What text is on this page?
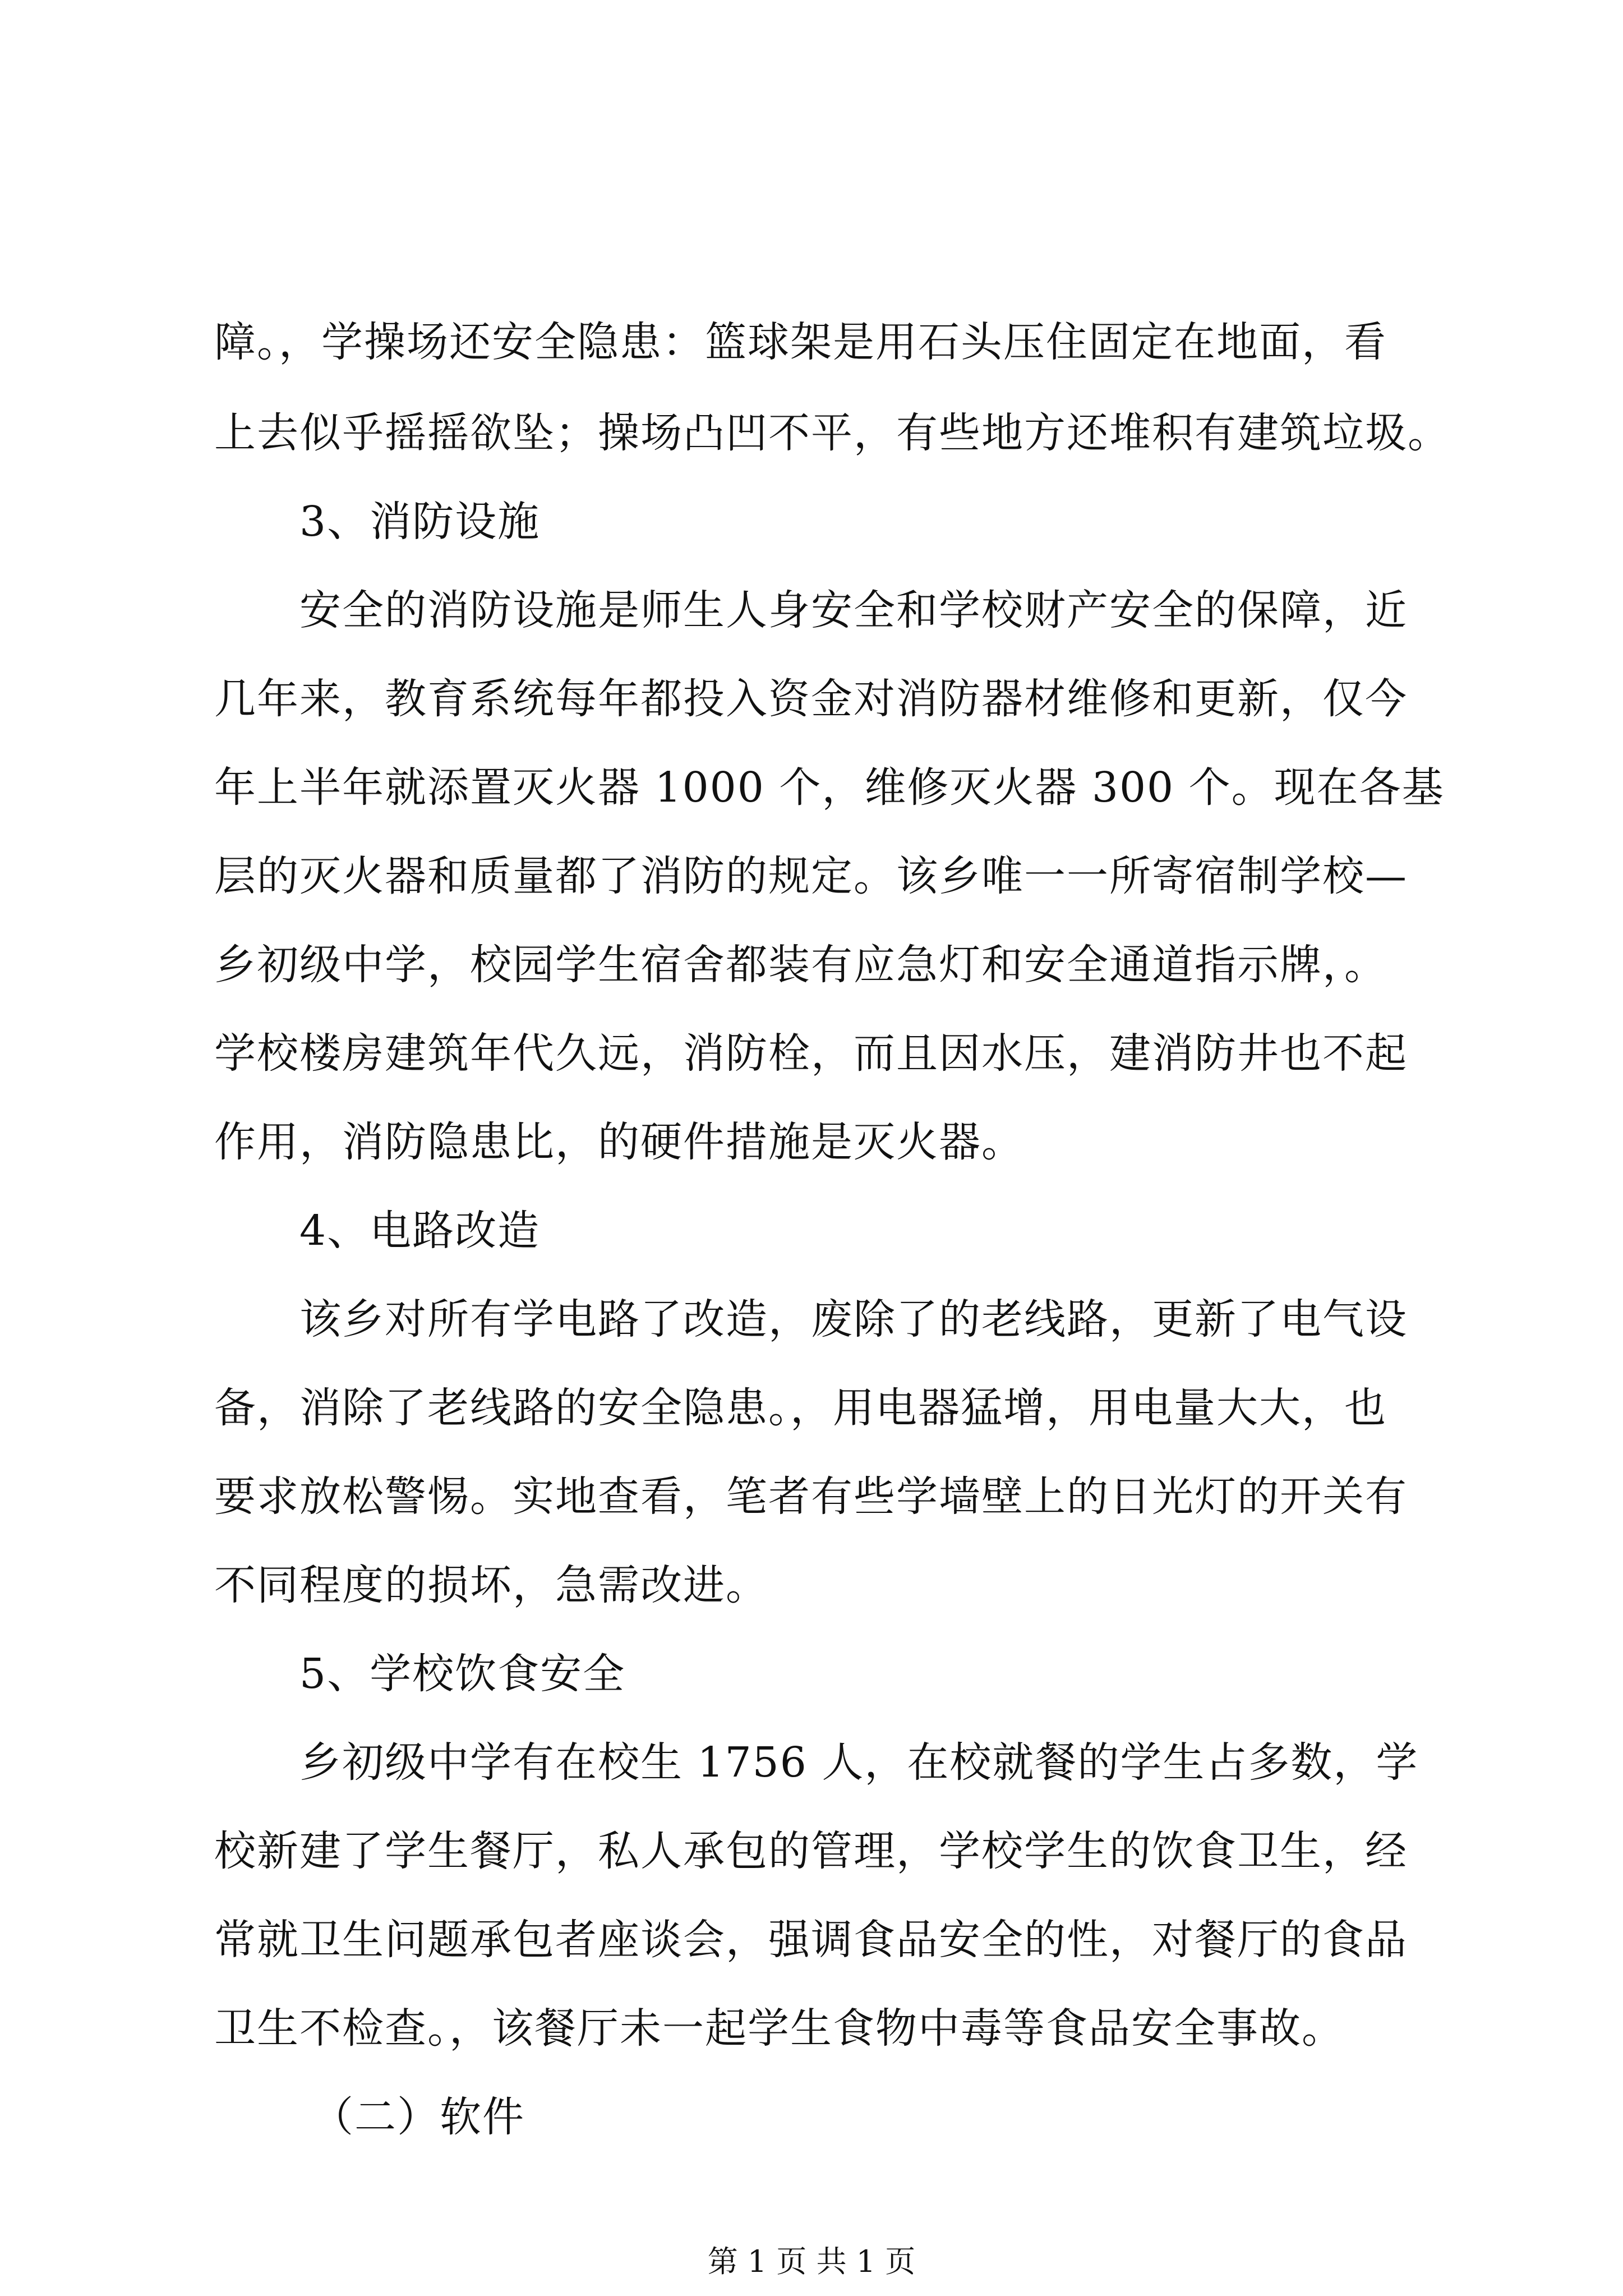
障。，学操场还安全隐患：篮球架是用石头压住固定在地面，看
上去似乎摇摇欲坠；操场凸凹不平，有些地方还堆积有建筑垃圾。
3、消防设施
安全的消防设施是师生人身安全和学校财产安全的保障，近
几年来，教育系统每年都投入资金对消防器材维修和更新，仅今
年上半年就添置灭火器 1000 个，维修灭火器 300 个。现在各基
层的灭火器和质量都了消防的规定。该乡唯一一所寄宿制学校—
乡初级中学，校园学生宿舍都装有应急灯和安全通道指示牌，。
学校楼房建筑年代久远，消防栓，而且因水压，建消防井也不起
作用，消防隐患比，的硬件措施是灭火器。
4、电路改造
该乡对所有学电路了改造，废除了的老线路，更新了电气设
备，消除了老线路的安全隐患。，用电器猛增，用电量大大，也
要求放松警惕。实地查看，笔者有些学墙壁上的日光灯的开关有
不同程度的损坏，急需改进。
5、学校饮食安全
乡初级中学有在校生 1756 人，在校就餐的学生占多数，学
校新建了学生餐厅，私人承包的管理，学校学生的饮食卫生，经
常就卫生问题承包者座谈会，强调食品安全的性，对餐厅的食品
卫生不检查。，该餐厅未一起学生食物中毒等食品安全事故。
（二）软件
第 1 页 共 1 页
